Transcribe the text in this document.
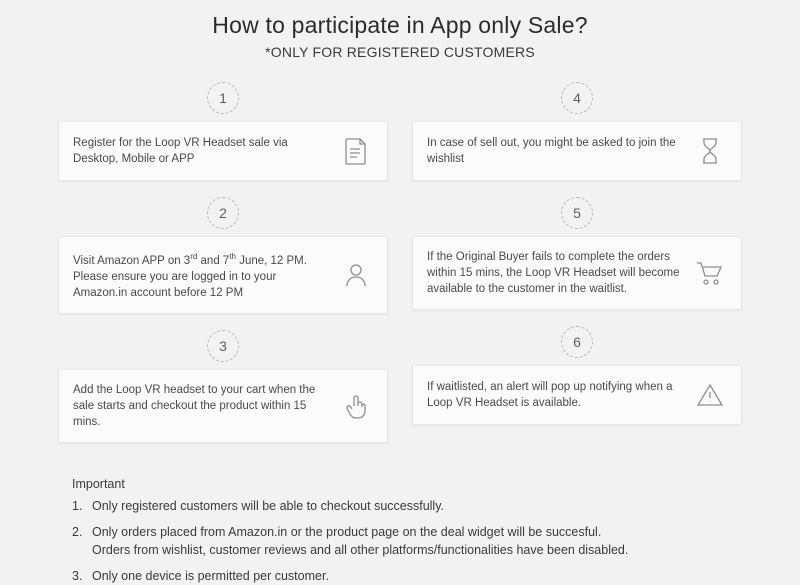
How to participate in App only Sale?

*ONLY FOR REGISTERED CUSTOMERS

1
Register for the Loop VR Headset sale via Desktop, Mobile or APP
2
Visit Amazon APP on 3rd and 7th June, 12 PM. Please ensure you are logged in to your Amazon.in account before 12 PM
3
Add the Loop VR headset to your cart when the sale starts and checkout the product within 15 mins.
4
In case of sell out, you might be asked to join the wishlist
5
If the Original Buyer fails to complete the orders within 15 mins, the Loop VR Headset will become available to the customer in the waitlist.
6
If waitlisted, an alert will pop up notifying when a Loop VR Headset is available.
Important
Only registered customers will be able to checkout successfully.
Only orders placed from Amazon.in or the product page on the deal widget will be succesful.
Orders from wishlist, customer reviews and all other platforms/functionalities have been disabled.
Only one device is permitted per customer.
